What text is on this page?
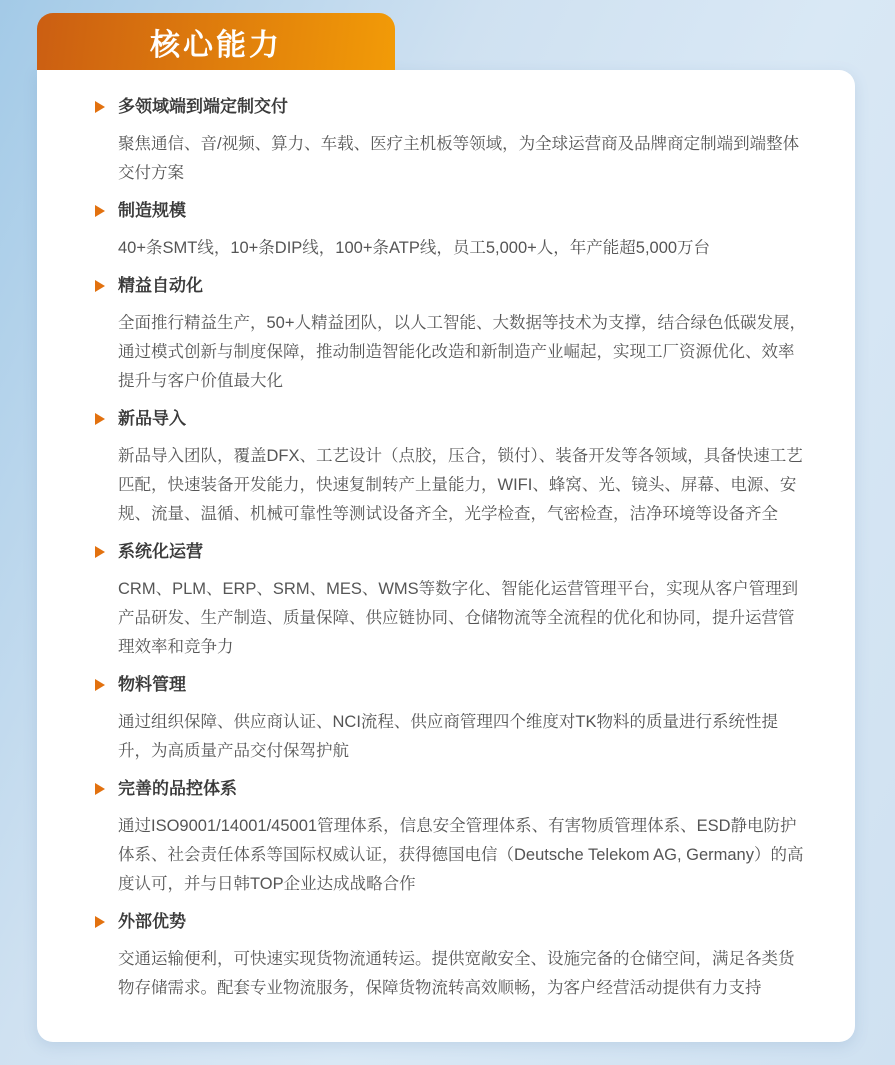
核心能力
多领域端到端定制交付

聚焦通信、音/视频、算力、车载、医疗主机板等领域，为全球运营商及品牌商定制端到端整体交付方案

制造规模

40+条SMT线，10+条DIP线，100+条ATP线，员工5,000+人，年产能超5,000万台

精益自动化

全面推行精益生产，50+人精益团队，以人工智能、大数据等技术为支撑，结合绿色低碳发展，通过模式创新与制度保障，推动制造智能化改造和新制造产业崛起，实现工厂资源优化、效率提升与客户价值最大化

新品导入

新品导入团队，覆盖DFX、工艺设计（点胶，压合，锁付）、装备开发等各领域，具备快速工艺匹配，快速装备开发能力，快速复制转产上量能力，WIFI、蜂窝、光、镜头、屏幕、电源、安规、流量、温循、机械可靠性等测试设备齐全，光学检查，气密检查，洁净环境等设备齐全

系统化运营

CRM、PLM、ERP、SRM、MES、WMS等数字化、智能化运营管理平台，实现从客户管理到产品研发、生产制造、质量保障、供应链协同、仓储物流等全流程的优化和协同，提升运营管理效率和竞争力

物料管理

通过组织保障、供应商认证、NCI流程、供应商管理四个维度对TK物料的质量进行系统性提升，为高质量产品交付保驾护航

完善的品控体系

通过ISO9001/14001/45001管理体系，信息安全管理体系、有害物质管理体系、ESD静电防护体系、社会责任体系等国际权威认证，获得德国电信（Deutsche Telekom AG, Germany）的高度认可，并与日韩TOP企业达成战略合作

外部优势

交通运输便利，可快速实现货物流通转运。提供宽敞安全、设施完备的仓储空间，满足各类货物存储需求。配套专业物流服务，保障货物流转高效顺畅，为客户经营活动提供有力支持
